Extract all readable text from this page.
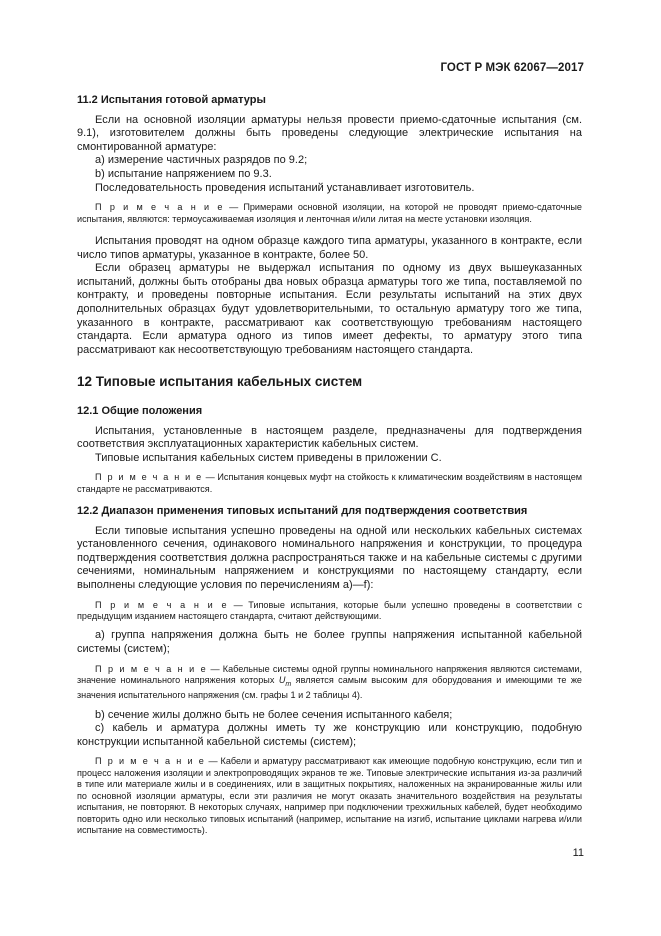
ГОСТ Р МЭК 62067—2017
11.2 Испытания готовой арматуры

Если на основной изоляции арматуры нельзя провести приемо-сдаточные испытания (см. 9.1), изготовителем должны быть проведены следующие электрические испытания на смонтированной арматуре:

а) измерение частичных разрядов по 9.2;

b) испытание напряжением по 9.3.

Последовательность проведения испытаний устанавливает изготовитель.

П р и м е ч а н и е — Примерами основной изоляции, на которой не проводят приемо-сдаточные испытания, являются: термоусаживаемая изоляция и ленточная и/или литая на месте установки изоляция.

Испытания проводят на одном образце каждого типа арматуры, указанного в контракте, если число типов арматуры, указанное в контракте, более 50.

Если образец арматуры не выдержал испытания по одному из двух вышеуказанных испытаний, должны быть отобраны два новых образца арматуры того же типа, поставляемой по контракту, и проведены повторные испытания. Если результаты испытаний на этих двух дополнительных образцах будут удовлетворительными, то остальную арматуру того же типа, указанного в контракте, рассматривают как соответствующую требованиям настоящего стандарта. Если арматура одного из типов имеет дефекты, то арматуру этого типа рассматривают как несоответствующую требованиям настоящего стандарта.

12 Типовые испытания кабельных систем
12.1 Общие положения

Испытания, установленные в настоящем разделе, предназначены для подтверждения соответствия эксплуатационных характеристик кабельных систем.

Типовые испытания кабельных систем приведены в приложении С.

П р и м е ч а н и е — Испытания концевых муфт на стойкость к климатическим воздействиям в настоящем стандарте не рассматриваются.

12.2 Диапазон применения типовых испытаний для подтверждения соответствия

Если типовые испытания успешно проведены на одной или нескольких кабельных системах установленного сечения, одинакового номинального напряжения и конструкции, то процедура подтверждения соответствия должна распространяться также и на кабельные системы с другими сечениями, номинальным напряжением и конструкциями по настоящему стандарту, если выполнены следующие условия по перечислениям а)—f):

П р и м е ч а н и е — Типовые испытания, которые были успешно проведены в соответствии с предыдущим изданием настоящего стандарта, считают действующими.

а) группа напряжения должна быть не более группы напряжения испытанной кабельной системы (систем);

П р и м е ч а н и е — Кабельные системы одной группы номинального напряжения являются системами, значение номинального напряжения которых $U_m$ является самым высоким для оборудования и имеющими те же значения испытательного напряжения (см. графы 1 и 2 таблицы 4).

b) сечение жилы должно быть не более сечения испытанного кабеля;

c) кабель и арматура должны иметь ту же конструкцию или конструкцию, подобную конструкции испытанной кабельной системы (систем);

П р и м е ч а н и е — Кабели и арматуру рассматривают как имеющие подобную конструкцию, если тип и процесс наложения изоляции и электропроводящих экранов те же. Типовые электрические испытания из-за различий в типе или материале жилы и в соединениях, или в защитных покрытиях, наложенных на экранированные жилы или по основной изоляции арматуры, если эти различия не могут оказать значительного воздействия на результаты испытания, не повторяют. В некоторых случаях, например при подключении трехжильных кабелей, будет необходимо повторить одно или несколько типовых испытаний (например, испытание на изгиб, испытание циклами нагрева и/или испытание на совместимость).

11
